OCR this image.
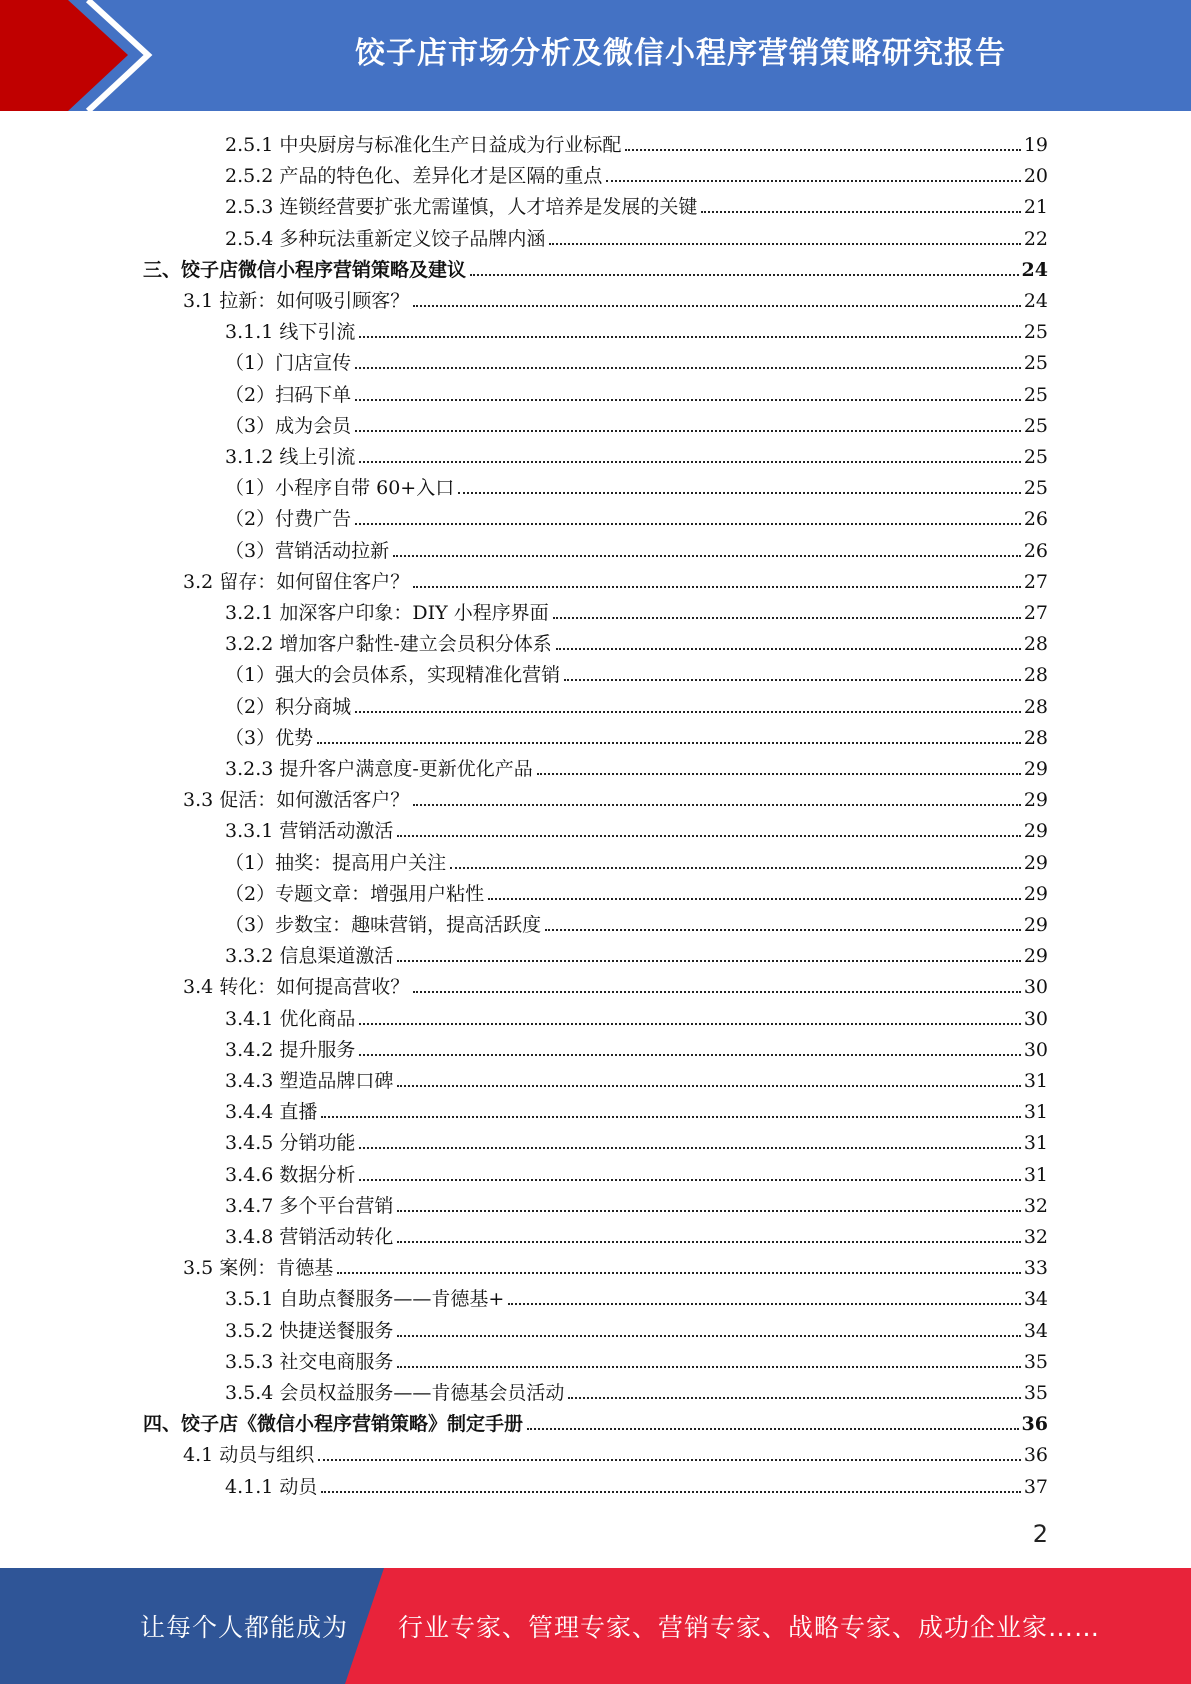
饺子店市场分析及微信小程序营销策略研究报告
2.5.1 中央厨房与标准化生产日益成为行业标配	19
2.5.2 产品的特色化、差异化才是区隔的重点	20
2.5.3 连锁经营要扩张尤需谨慎，人才培养是发展的关键	21
2.5.4 多种玩法重新定义饺子品牌内涵	22
三、饺子店微信小程序营销策略及建议	24
3.1 拉新：如何吸引顾客？	24
3.1.1 线下引流	25
（1）门店宣传	25
（2）扫码下单	25
（3）成为会员	25
3.1.2 线上引流	25
（1）小程序自带 60+入口	25
（2）付费广告	26
（3）营销活动拉新	26
3.2 留存：如何留住客户？	27
3.2.1 加深客户印象：DIY 小程序界面	27
3.2.2 增加客户黏性-建立会员积分体系	28
（1）强大的会员体系，实现精准化营销	28
（2）积分商城	28
（3）优势	28
3.2.3 提升客户满意度-更新优化产品	29
3.3 促活：如何激活客户？	29
3.3.1 营销活动激活	29
（1）抽奖：提高用户关注	29
（2）专题文章：增强用户粘性	29
（3）步数宝：趣味营销，提高活跃度	29
3.3.2 信息渠道激活	29
3.4 转化：如何提高营收？	30
3.4.1 优化商品	30
3.4.2 提升服务	30
3.4.3 塑造品牌口碑	31
3.4.4 直播	31
3.4.5 分销功能	31
3.4.6 数据分析	31
3.4.7 多个平台营销	32
3.4.8 营销活动转化	32
3.5 案例：肯德基	33
3.5.1 自助点餐服务——肯德基+	34
3.5.2 快捷送餐服务	34
3.5.3 社交电商服务	35
3.5.4 会员权益服务——肯德基会员活动	35
四、饺子店《微信小程序营销策略》制定手册	36
4.1 动员与组织	36
4.1.1 动员	37
2
让每个人都能成为 行业专家、管理专家、营销专家、战略专家、成功企业家……
